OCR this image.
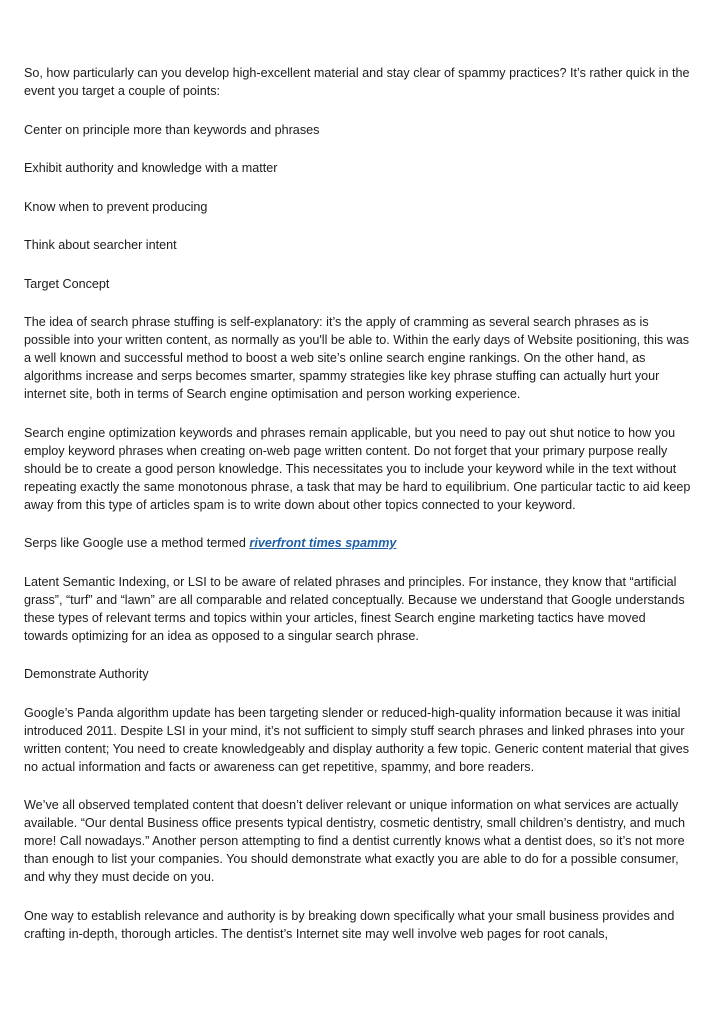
So, how particularly can you develop high-excellent material and stay clear of spammy practices? It’s rather quick in the event you target a couple of points:

Center on principle more than keywords and phrases

Exhibit authority and knowledge with a matter

Know when to prevent producing

Think about searcher intent

Target Concept

The idea of search phrase stuffing is self-explanatory: it’s the apply of cramming as several search phrases as is possible into your written content, as normally as you'll be able to. Within the early days of Website positioning, this was a well known and successful method to boost a web site’s online search engine rankings. On the other hand, as algorithms increase and serps becomes smarter, spammy strategies like key phrase stuffing can actually hurt your internet site, both in terms of Search engine optimisation and person working experience.

Search engine optimization keywords and phrases remain applicable, but you need to pay out shut notice to how you employ keyword phrases when creating on-web page written content. Do not forget that your primary purpose really should be to create a good person knowledge. This necessitates you to include your keyword while in the text without repeating exactly the same monotonous phrase, a task that may be hard to equilibrium. One particular tactic to aid keep away from this type of articles spam is to write down about other topics connected to your keyword.

Serps like Google use a method termed riverfront times spammy

Latent Semantic Indexing, or LSI to be aware of related phrases and principles. For instance, they know that “artificial grass”, “turf” and “lawn” are all comparable and related conceptually. Because we understand that Google understands these types of relevant terms and topics within your articles, finest Search engine marketing tactics have moved towards optimizing for an idea as opposed to a singular search phrase.

Demonstrate Authority

Google’s Panda algorithm update has been targeting slender or reduced-high-quality information because it was initial introduced 2011. Despite LSI in your mind, it’s not sufficient to simply stuff search phrases and linked phrases into your written content; You need to create knowledgeably and display authority a few topic. Generic content material that gives no actual information and facts or awareness can get repetitive, spammy, and bore readers.

We’ve all observed templated content that doesn’t deliver relevant or unique information on what services are actually available. “Our dental Business office presents typical dentistry, cosmetic dentistry, small children’s dentistry, and much more! Call nowadays.” Another person attempting to find a dentist currently knows what a dentist does, so it’s not more than enough to list your companies. You should demonstrate what exactly you are able to do for a possible consumer, and why they must decide on you.

One way to establish relevance and authority is by breaking down specifically what your small business provides and crafting in-depth, thorough articles. The dentist’s Internet site may well involve web pages for root canals,
